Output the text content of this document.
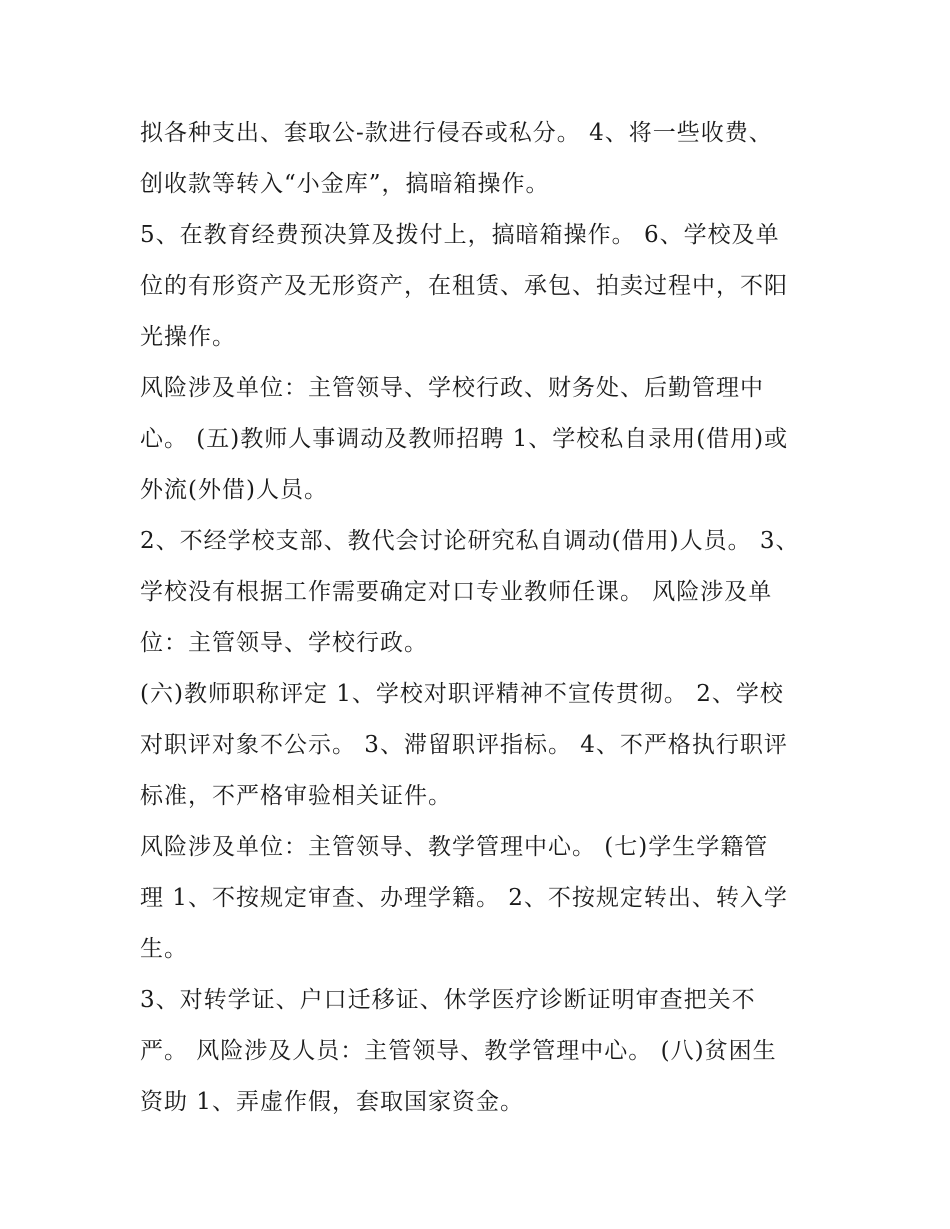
拟各种支出、套取公-款进行侵吞或私分。 4、将一些收费、
创收款等转入“小金库”，搞暗箱操作。

5、在教育经费预决算及拨付上，搞暗箱操作。 6、学校及单
位的有形资产及无形资产，在租赁、承包、拍卖过程中，不阳
光操作。

风险涉及单位：主管领导、学校行政、财务处、后勤管理中
心。 (五)教师人事调动及教师招聘 1、学校私自录用(借用)或
外流(外借)人员。

2、不经学校支部、教代会讨论研究私自调动(借用)人员。 3、
学校没有根据工作需要确定对口专业教师任课。 风险涉及单
位：主管领导、学校行政。

(六)教师职称评定 1、学校对职评精神不宣传贯彻。 2、学校
对职评对象不公示。 3、滞留职评指标。 4、不严格执行职评
标准，不严格审验相关证件。

风险涉及单位：主管领导、教学管理中心。 (七)学生学籍管
理 1、不按规定审查、办理学籍。 2、不按规定转出、转入学
生。

3、对转学证、户口迁移证、休学医疗诊断证明审查把关不
严。 风险涉及人员：主管领导、教学管理中心。 (八)贫困生
资助 1、弄虚作假，套取国家资金。
